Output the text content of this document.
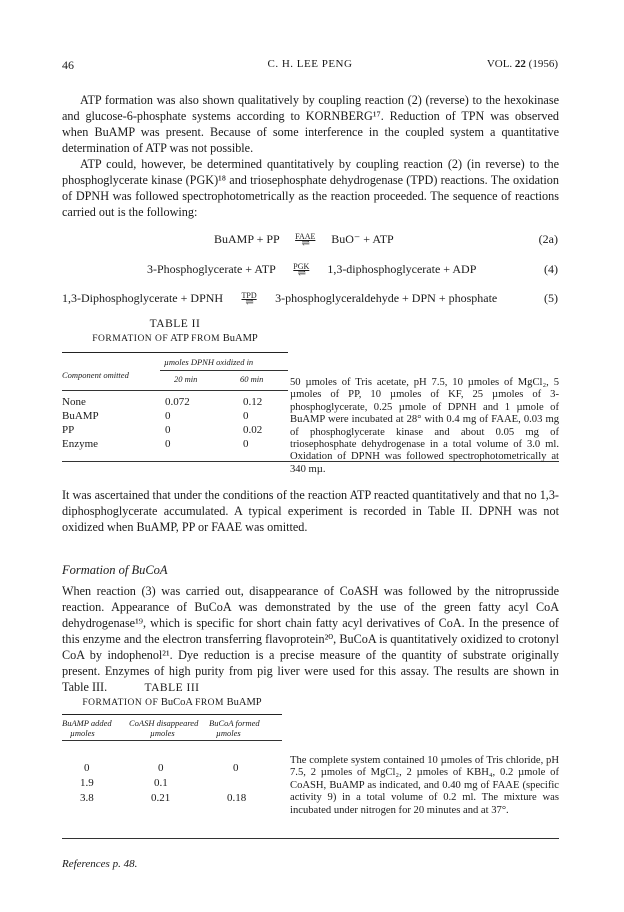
46	C. H. LEE PENG	VOL. 22 (1956)

ATP formation was also shown qualitatively by coupling reaction (2) (reverse) to the hexokinase and glucose-6-phosphate systems according to KORNBERG¹⁷. Reduction of TPN was observed when BuAMP was present. Because of some interference in the coupled system a quantitative determination of ATP was not possible.

ATP could, however, be determined quantitatively by coupling reaction (2) (in reverse) to the phosphoglycerate kinase (PGK)¹⁸ and triosephosphate dehydrogenase (TPD) reactions. The oxidation of DPNH was followed spectrophotometrically as the reaction proceeded. The sequence of reactions carried out is the following:

BuAMP + PP	FAAE
⇌	BuO⁻ + ATP	(2a)
3-Phosphoglycerate + ATP	PGK
⇌	1,3-diphosphoglycerate + ADP	(4)
1,3-Diphosphoglycerate + DPNH	TPD
⇌	3-phosphoglyceraldehyde + DPN + phosphate	(5)
TABLE II
FORMATION OF ATP FROM BuAMP
Component omitted
µmoles DPNH oxidized in
20 min	60 min
None	0.072	0.12
BuAMP	0	0
PP	0	0.02
Enzyme	0	0
50 µmoles of Tris acetate, pH 7.5, 10 µmoles of MgCl₂, 5 µmoles of PP, 10 µmoles of KF, 25 µmoles of 3-phosphoglycerate, 0.25 µmole of DPNH and 1 µmole of BuAMP were incubated at 28° with 0.4 mg of FAAE, 0.03 mg of phosphoglycerate kinase and about 0.05 mg of triosephosphate dehydrogenase in a total volume of 3.0 ml. Oxidation of DPNH was followed spectrophotometrically at 340 mµ.

It was ascertained that under the conditions of the reaction ATP reacted quantitatively and that no 1,3-diphosphoglycerate accumulated. A typical experiment is recorded in Table II. DPNH was not oxidized when BuAMP, PP or FAAE was omitted.

Formation of BuCoA

When reaction (3) was carried out, disappearance of CoASH was followed by the nitroprusside reaction. Appearance of BuCoA was demonstrated by the use of the green fatty acyl CoA dehydrogenase¹⁹, which is specific for short chain fatty acyl derivatives of CoA. In the presence of this enzyme and the electron transferring flavoprotein²⁰, BuCoA is quantitatively oxidized to crotonyl CoA by indophenol²¹. Dye reduction is a precise measure of the quantity of substrate originally present. Enzymes of high purity from pig liver were used for this assay. The results are shown in Table III.	TABLE III
FORMATION OF BuCoA FROM BuAMP
BuAMP added
µmoles
CoASH disappeared
µmoles
BuCoA formed
µmoles
0	0	0
1.9	0.1
3.8	0.21	0.18
The complete system contained 10 µmoles of Tris chloride, pH 7.5, 2 µmoles of MgCl₂, 2 µmoles of KBH₄, 0.2 µmole of CoASH, BuAMP as indicated, and 0.40 mg of FAAE (specific activity 9) in a total volume of 0.2 ml. The mixture was incubated under nitrogen for 20 minutes and at 37°.
References p. 48.
